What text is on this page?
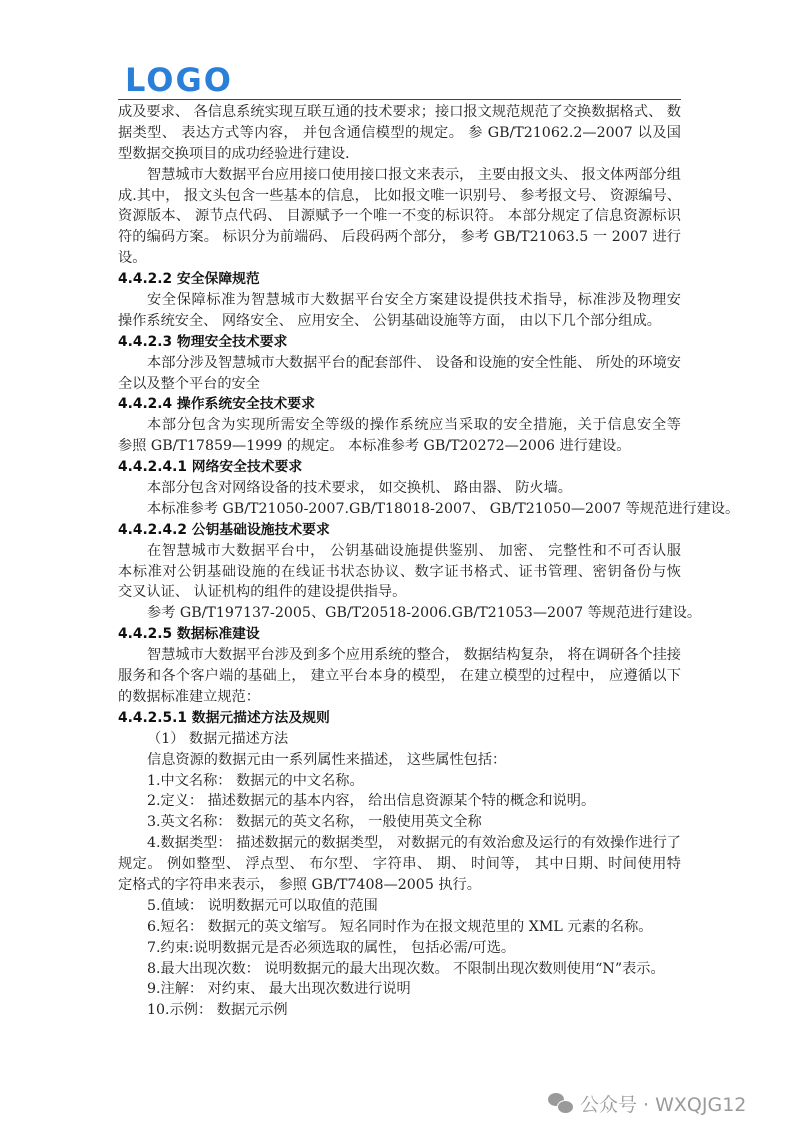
LOGO
成及要求、 各信息系统实现互联互通的技术要求；接口报文规范规范了交换数据格式、 数
据类型、 表达方式等内容， 并包含通信模型的规定。 参 GB/T21062.2—2007 以及国
型数据交换项目的成功经验进行建设.
智慧城市大数据平台应用接口使用接口报文来表示， 主要由报文头、 报文体两部分组
成.其中， 报文头包含一些基本的信息， 比如报文唯一识别号、 参考报文号、 资源编号、
资源版本、 源节点代码、 目源赋予一个唯一不变的标识符。 本部分规定了信息资源标识
符的编码方案。 标识分为前端码、 后段码两个部分， 参考 GB/T21063.5 一 2007 进行
设。
4.4.2.2 安全保障规范
安全保障标准为智慧城市大数据平台安全方案建设提供技术指导，标准涉及物理安
操作系统安全、 网络安全、 应用安全、 公钥基础设施等方面， 由以下几个部分组成。
4.4.2.3 物理安全技术要求
本部分涉及智慧城市大数据平台的配套部件、 设备和设施的安全性能、 所处的环境安
全以及整个平台的安全
4.4.2.4 操作系统安全技术要求
本部分包含为实现所需安全等级的操作系统应当采取的安全措施，关于信息安全等
参照 GB/T17859—1999 的规定。 本标准参考 GB/T20272—2006 进行建设。
4.4.2.4.1 网络安全技术要求
本部分包含对网络设备的技术要求， 如交换机、 路由器、 防火墙。
本标准参考 GB/T21050-2007.GB/T18018-2007、 GB/T21050—2007 等规范进行建设。
4.4.2.4.2 公钥基础设施技术要求
在智慧城市大数据平台中， 公钥基础设施提供鉴别、 加密、 完整性和不可否认服
本标准对公钥基础设施的在线证书状态协议、数字证书格式、证书管理、密钥备份与恢
交叉认证、 认证机构的组件的建设提供指导。
参考 GB/T197137-2005、GB/T20518-2006.GB/T21053—2007 等规范进行建设。
4.4.2.5 数据标准建设
智慧城市大数据平台涉及到多个应用系统的整合， 数据结构复杂， 将在调研各个挂接
服务和各个客户端的基础上， 建立平台本身的模型， 在建立模型的过程中， 应遵循以下
的数据标准建立规范：
4.4.2.5.1 数据元描述方法及规则
（1） 数据元描述方法
信息资源的数据元由一系列属性来描述， 这些属性包括：
1.中文名称： 数据元的中文名称。
2.定义： 描述数据元的基本内容， 给出信息资源某个特的概念和说明。
3.英文名称： 数据元的英文名称， 一般使用英文全称
4.数据类型： 描述数据元的数据类型， 对数据元的有效治愈及运行的有效操作进行了
规定。 例如整型、 浮点型、 布尔型、 字符串、 期、 时间等， 其中日期、时间使用特
定格式的字符串来表示， 参照 GB/T7408—2005 执行。
5.值域： 说明数据元可以取值的范围
6.短名： 数据元的英文缩写。 短名同时作为在报文规范里的 XML 元素的名称。
7.约束:说明数据元是否必须选取的属性， 包括必需/可选。
8.最大出现次数： 说明数据元的最大出现次数。 不限制出现次数则使用“N”表示。
9.注解： 对约束、 最大出现次数进行说明
10.示例： 数据元示例
公众号 · WXQJG12
